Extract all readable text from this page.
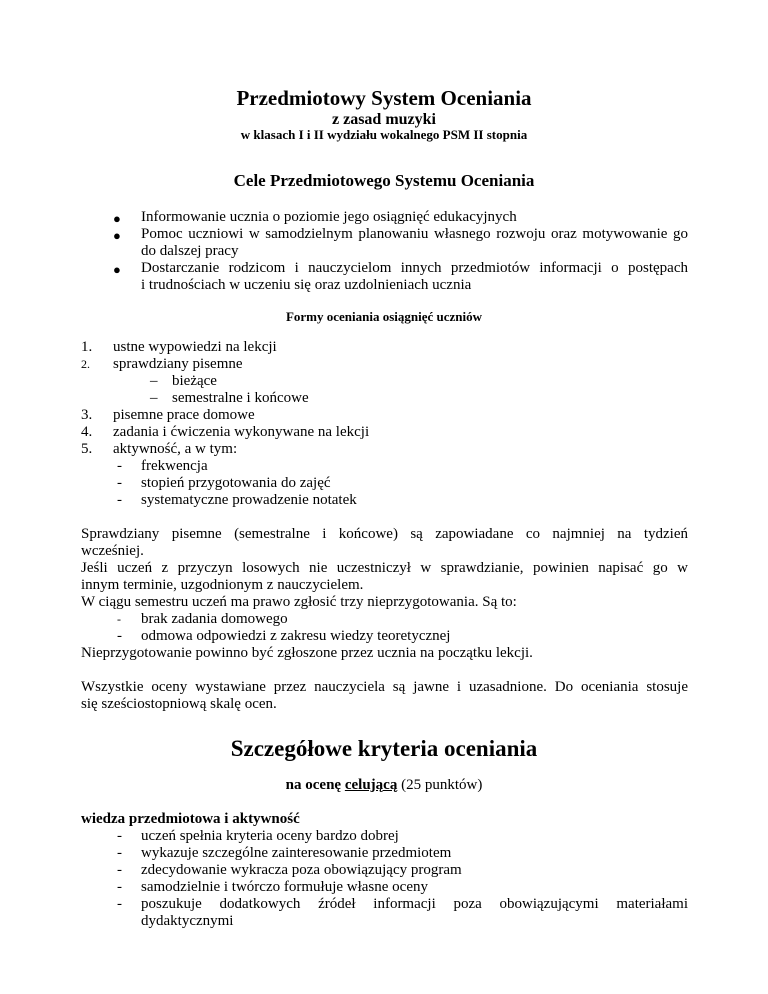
Przedmiotowy System Oceniania
z zasad muzyki
w klasach I i II wydziału wokalnego PSM II stopnia
Cele Przedmiotowego Systemu Oceniania
● Informowanie ucznia o poziomie jego osiągnięć edukacyjnych
● Pomoc uczniowi w samodzielnym planowaniu własnego rozwoju oraz motywowanie go
do dalszej pracy
● Dostarczanie rodzicom i nauczycielom innych przedmiotów informacji o postępach
i trudnościach w uczeniu się oraz uzdolnieniach ucznia
Formy oceniania osiągnięć uczniów
1. ustne wypowiedzi na lekcji
2. sprawdziany pisemne
– bieżące
– semestralne i końcowe
3. pisemne prace domowe
4. zadania i ćwiczenia wykonywane na lekcji
5. aktywność, a w tym:
- frekwencja
- stopień przygotowania do zajęć
- systematyczne prowadzenie notatek
Sprawdziany pisemne (semestralne i końcowe) są zapowiadane co najmniej na tydzień
wcześniej.
Jeśli uczeń z przyczyn losowych nie uczestniczył w sprawdzianie, powinien napisać go w
innym terminie, uzgodnionym z nauczycielem.
W ciągu semestru uczeń ma prawo zgłosić trzy nieprzygotowania. Są to:
- brak zadania domowego
- odmowa odpowiedzi z zakresu wiedzy teoretycznej
Nieprzygotowanie powinno być zgłoszone przez ucznia na początku lekcji.
Wszystkie oceny wystawiane przez nauczyciela są jawne i uzasadnione. Do oceniania stosuje
się sześciostopniową skalę ocen.
Szczegółowe kryteria oceniania
na ocenę celującą (25 punktów)
wiedza przedmiotowa i aktywność
- uczeń spełnia kryteria oceny bardzo dobrej
- wykazuje szczególne zainteresowanie przedmiotem
- zdecydowanie wykracza poza obowiązujący program
- samodzielnie i twórczo formułuje własne oceny
- poszukuje dodatkowych źródeł informacji poza obowiązującymi materiałami
dydaktycznymi
